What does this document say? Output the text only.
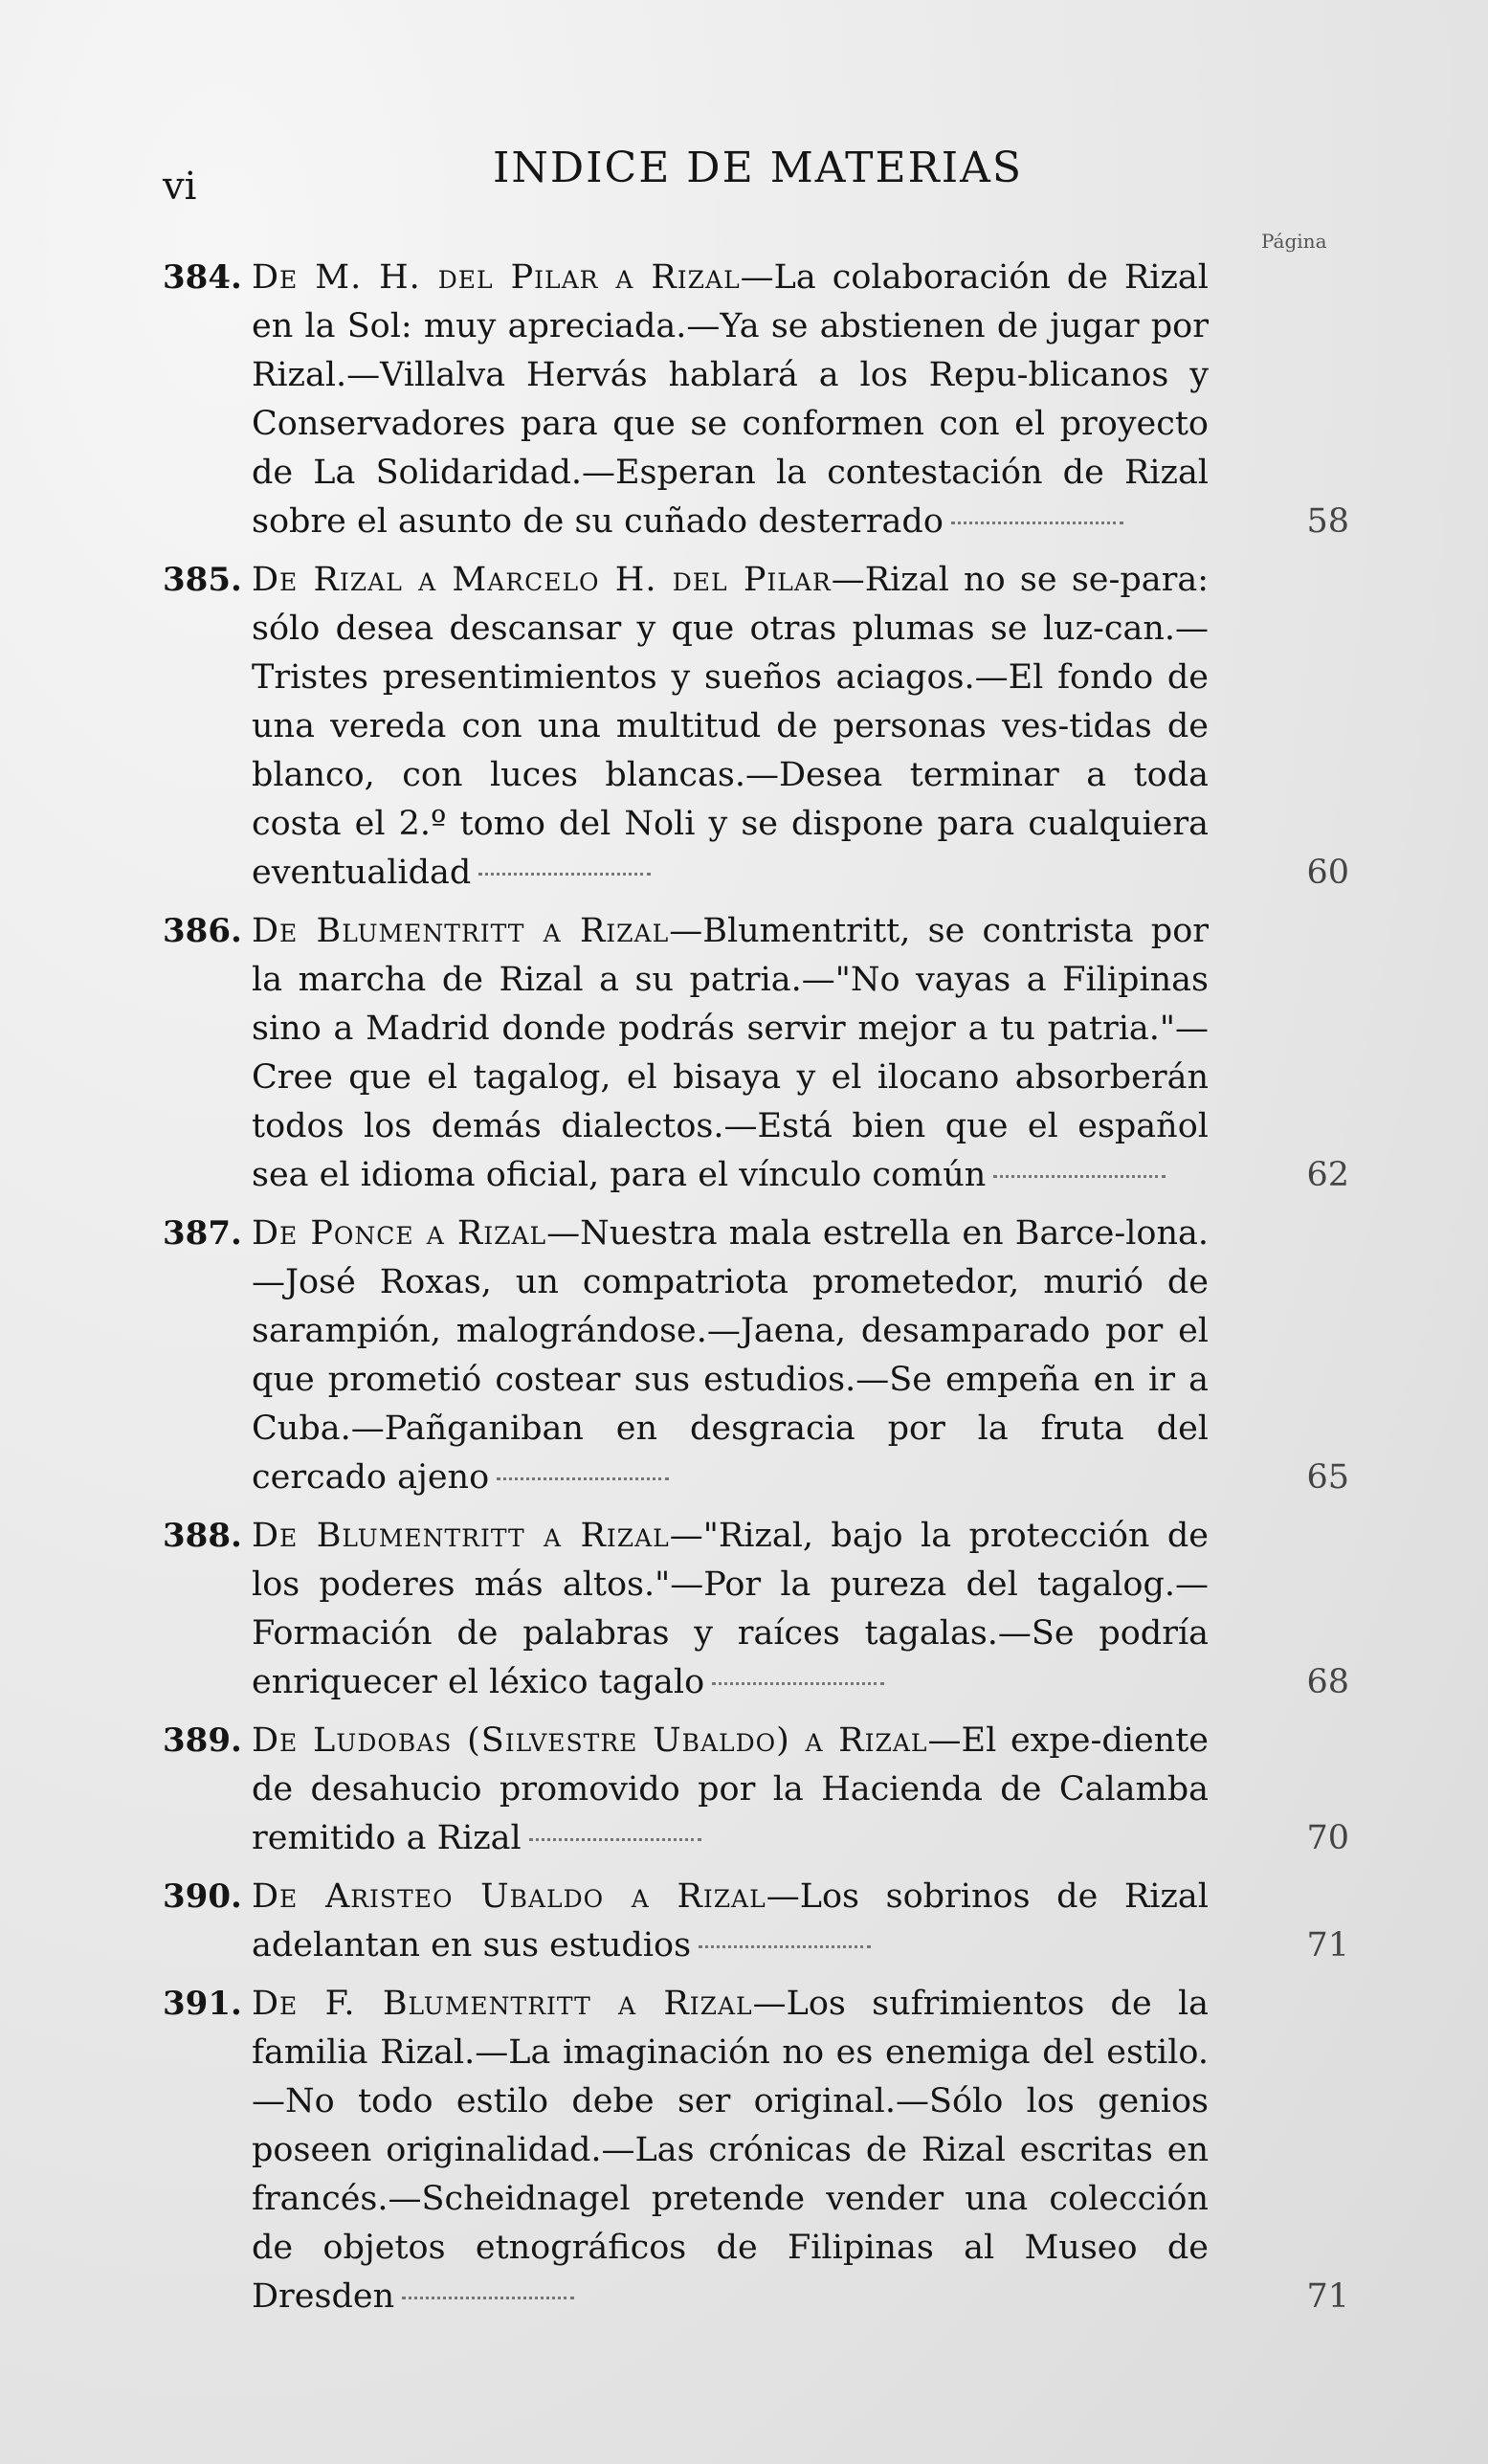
vi	INDICE DE MATERIAS
Página
384. De M. H. del Pilar a Rizal—La colaboración de Rizal en la Sol: muy apreciada.—Ya se abstienen de jugar por Rizal.—Villalva Hervás hablará a los Repu-blicanos y Conservadores para que se conformen con el proyecto de La Solidaridad.—Esperan la contestación de Rizal sobre el asunto de su cuñado desterrado	58
385. De Rizal a Marcelo H. del Pilar—Rizal no se se-para: sólo desea descansar y que otras plumas se luz-can.—Tristes presentimientos y sueños aciagos.—El fondo de una vereda con una multitud de personas ves-tidas de blanco, con luces blancas.—Desea terminar a toda costa el 2.º tomo del Noli y se dispone para cualquiera eventualidad	60
386. De Blumentritt a Rizal—Blumentritt, se contrista por la marcha de Rizal a su patria.—"No vayas a Filipinas sino a Madrid donde podrás servir mejor a tu patria."—Cree que el tagalog, el bisaya y el ilocano absorberán todos los demás dialectos.—Está bien que el español sea el idioma oficial, para el vínculo común	62
387. De Ponce a Rizal—Nuestra mala estrella en Barce-lona.—José Roxas, un compatriota prometedor, murió de sarampión, malográndose.—Jaena, desamparado por el que prometió costear sus estudios.—Se empeña en ir a Cuba.—Pañganiban en desgracia por la fruta del cercado ajeno	65
388. De Blumentritt a Rizal—"Rizal, bajo la protección de los poderes más altos."—Por la pureza del tagalog.—Formación de palabras y raíces tagalas.—Se podría enriquecer el léxico tagalo	68
389. De Ludobas (Silvestre Ubaldo) a Rizal—El expe-diente de desahucio promovido por la Hacienda de Calamba remitido a Rizal	70
390. De Aristeo Ubaldo a Rizal—Los sobrinos de Rizal adelantan en sus estudios	71
391. De F. Blumentritt a Rizal—Los sufrimientos de la familia Rizal.—La imaginación no es enemiga del estilo.—No todo estilo debe ser original.—Sólo los genios poseen originalidad.—Las crónicas de Rizal escritas en francés.—Scheidnagel pretende vender una colección de objetos etnográficos de Filipinas al Museo de Dresden	71
